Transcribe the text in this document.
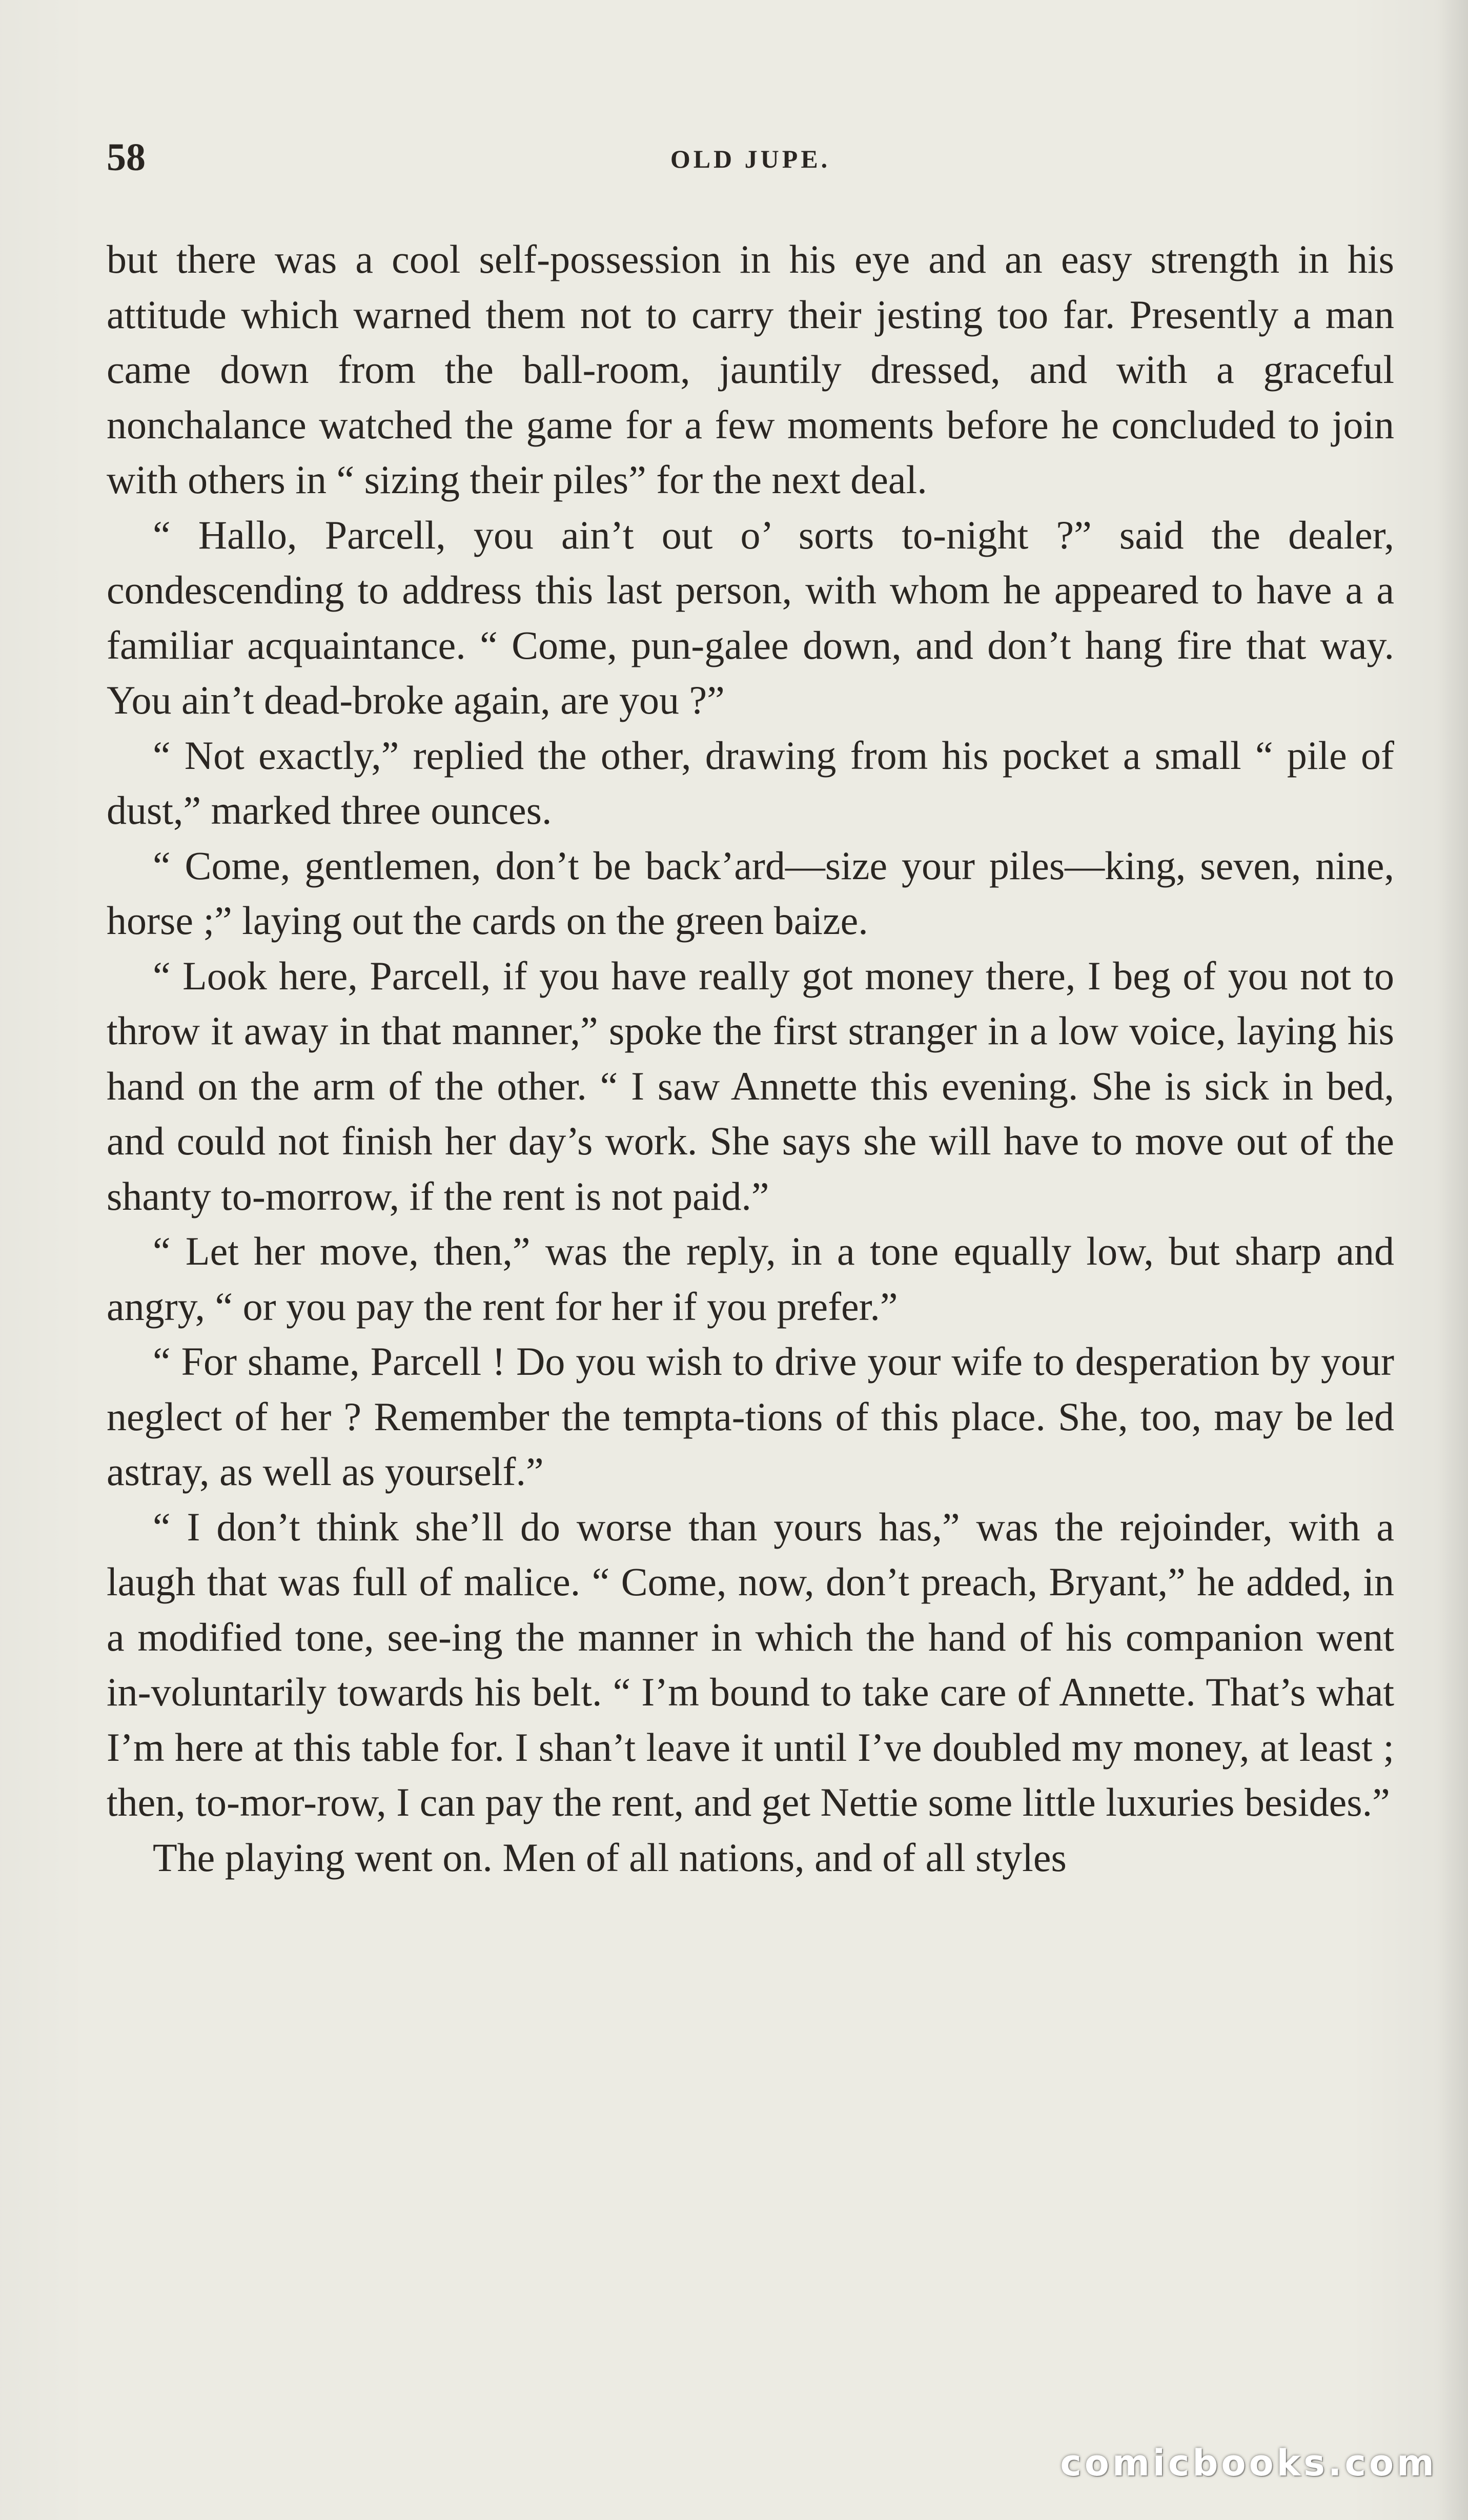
58	OLD JUPE.

but there was a cool self-possession in his eye and an easy strength in his attitude which warned them not to carry their jesting too far. Presently a man came down from the ball-room, jauntily dressed, and with a graceful nonchalance watched the game for a few moments before he concluded to join with others in “ sizing their piles” for the next deal.

“ Hallo, Parcell, you ain’t out o’ sorts to-night ?” said the dealer, condescending to address this last person, with whom he appeared to have a a familiar acquaintance. “ Come, pun-galee down, and don’t hang fire that way. You ain’t dead-broke again, are you ?”

“ Not exactly,” replied the other, drawing from his pocket a small “ pile of dust,” marked three ounces.

“ Come, gentlemen, don’t be back’ard—size your piles—king, seven, nine, horse ;” laying out the cards on the green baize.

“ Look here, Parcell, if you have really got money there, I beg of you not to throw it away in that manner,” spoke the first stranger in a low voice, laying his hand on the arm of the other. “ I saw Annette this evening. She is sick in bed, and could not finish her day’s work. She says she will have to move out of the shanty to-morrow, if the rent is not paid.”

“ Let her move, then,” was the reply, in a tone equally low, but sharp and angry, “ or you pay the rent for her if you prefer.”

“ For shame, Parcell ! Do you wish to drive your wife to desperation by your neglect of her ? Remember the tempta-tions of this place. She, too, may be led astray, as well as yourself.”

“ I don’t think she’ll do worse than yours has,” was the rejoinder, with a laugh that was full of malice. “ Come, now, don’t preach, Bryant,” he added, in a modified tone, see-ing the manner in which the hand of his companion went in-voluntarily towards his belt. “ I’m bound to take care of Annette. That’s what I’m here at this table for. I shan’t leave it until I’ve doubled my money, at least ; then, to-mor-row, I can pay the rent, and get Nettie some little luxuries besides.”

The playing went on. Men of all nations, and of all styles

comicbooks.com
